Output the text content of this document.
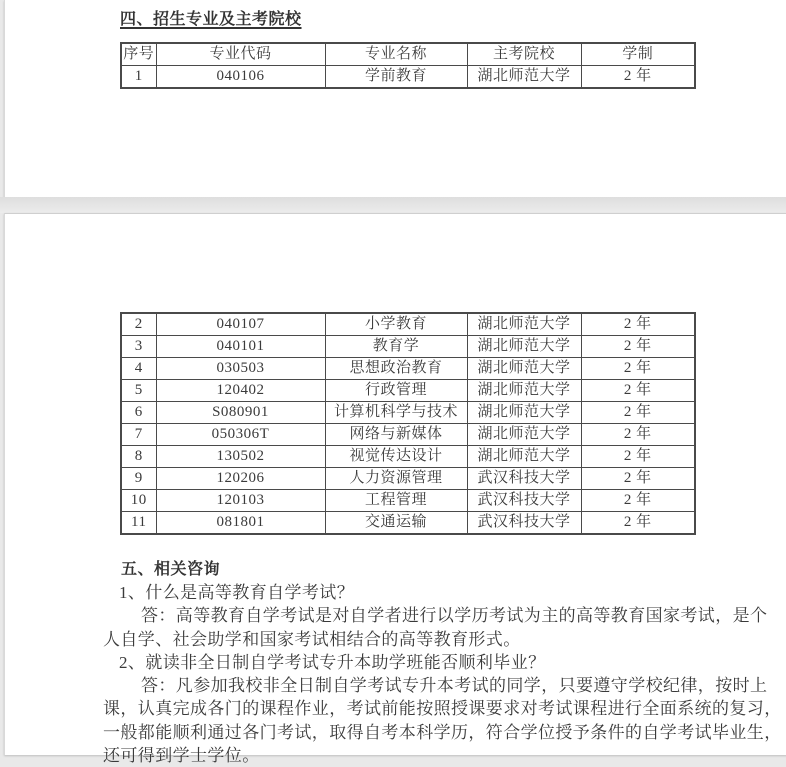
四、招生专业及主考院校
序号	专业代码	专业名称	主考院校	学制
1	040106	学前教育	湖北师范大学	2 年
2	040107	小学教育	湖北师范大学	2 年
3	040101	教育学	湖北师范大学	2 年
4	030503	思想政治教育	湖北师范大学	2 年
5	120402	行政管理	湖北师范大学	2 年
6	S080901	计算机科学与技术	湖北师范大学	2 年
7	050306T	网络与新媒体	湖北师范大学	2 年
8	130502	视觉传达设计	湖北师范大学	2 年
9	120206	人力资源管理	武汉科技大学	2 年
10	120103	工程管理	武汉科技大学	2 年
11	081801	交通运输	武汉科技大学	2 年
五、相关咨询
1、什么是高等教育自学考试？
答：高等教育自学考试是对自学者进行以学历考试为主的高等教育国家考试，是个
人自学、社会助学和国家考试相结合的高等教育形式。
2、就读非全日制自学考试专升本助学班能否顺利毕业？
答：凡参加我校非全日制自学考试专升本考试的同学，只要遵守学校纪律，按时上
课，认真完成各门的课程作业，考试前能按照授课要求对考试课程进行全面系统的复习，
一般都能顺利通过各门考试，取得自考本科学历，符合学位授予条件的自学考试毕业生，
还可得到学士学位。
